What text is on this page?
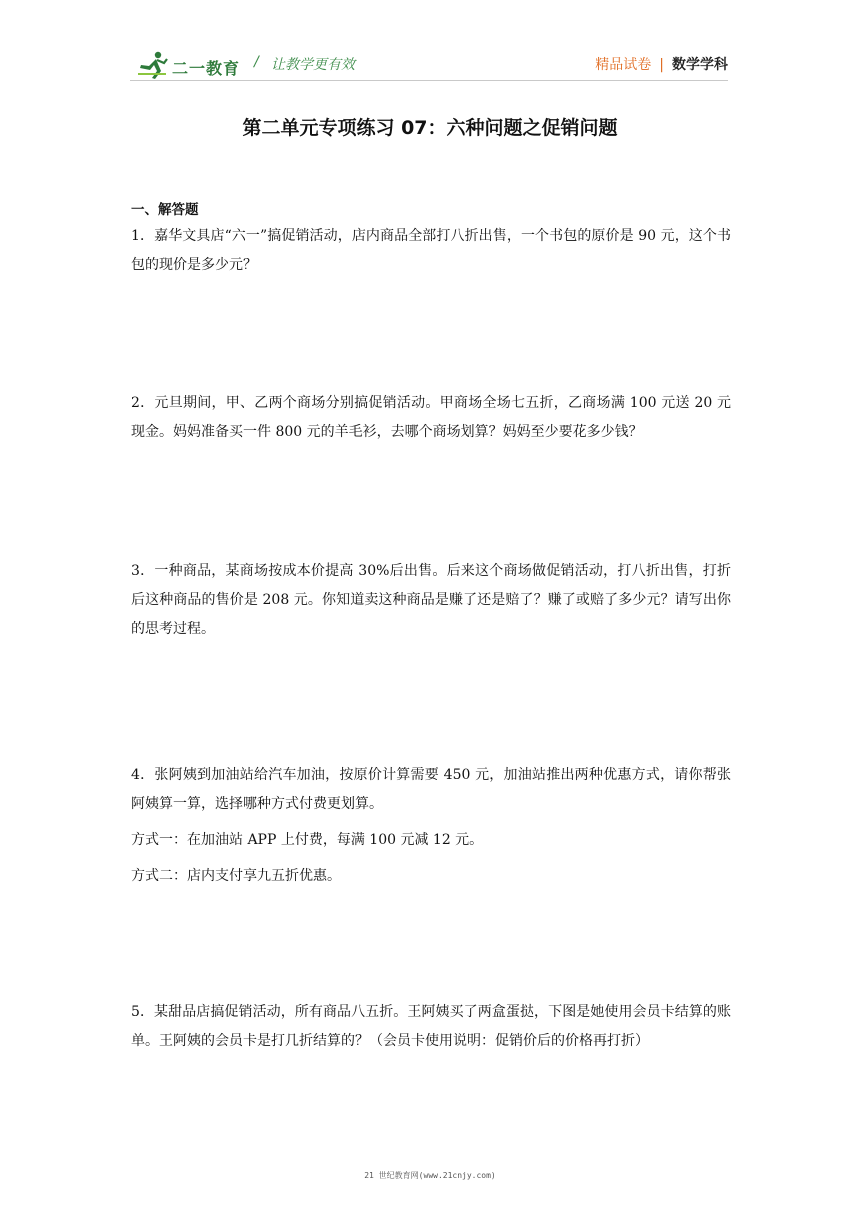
二一教育 / 让教学更有效	精品试卷 | 数学学科
第二单元专项练习 07：六种问题之促销问题
一、解答题

1．嘉华文具店“六一”搞促销活动，店内商品全部打八折出售，一个书包的原价是 90 元，这个书包的现价是多少元？

2．元旦期间，甲、乙两个商场分别搞促销活动。甲商场全场七五折，乙商场满 100 元送 20 元现金。妈妈准备买一件 800 元的羊毛衫，去哪个商场划算？妈妈至少要花多少钱？

3．一种商品，某商场按成本价提高 30%后出售。后来这个商场做促销活动，打八折出售，打折后这种商品的售价是 208 元。你知道卖这种商品是赚了还是赔了？赚了或赔了多少元？请写出你的思考过程。

4．张阿姨到加油站给汽车加油，按原价计算需要 450 元，加油站推出两种优惠方式，请你帮张阿姨算一算，选择哪种方式付费更划算。

方式一：在加油站 APP 上付费，每满 100 元减 12 元。

方式二：店内支付享九五折优惠。

5．某甜品店搞促销活动，所有商品八五折。王阿姨买了两盒蛋挞，下图是她使用会员卡结算的账单。王阿姨的会员卡是打几折结算的？（会员卡使用说明：促销价后的价格再打折）

21 世纪教育网(www.21cnjy.com)
